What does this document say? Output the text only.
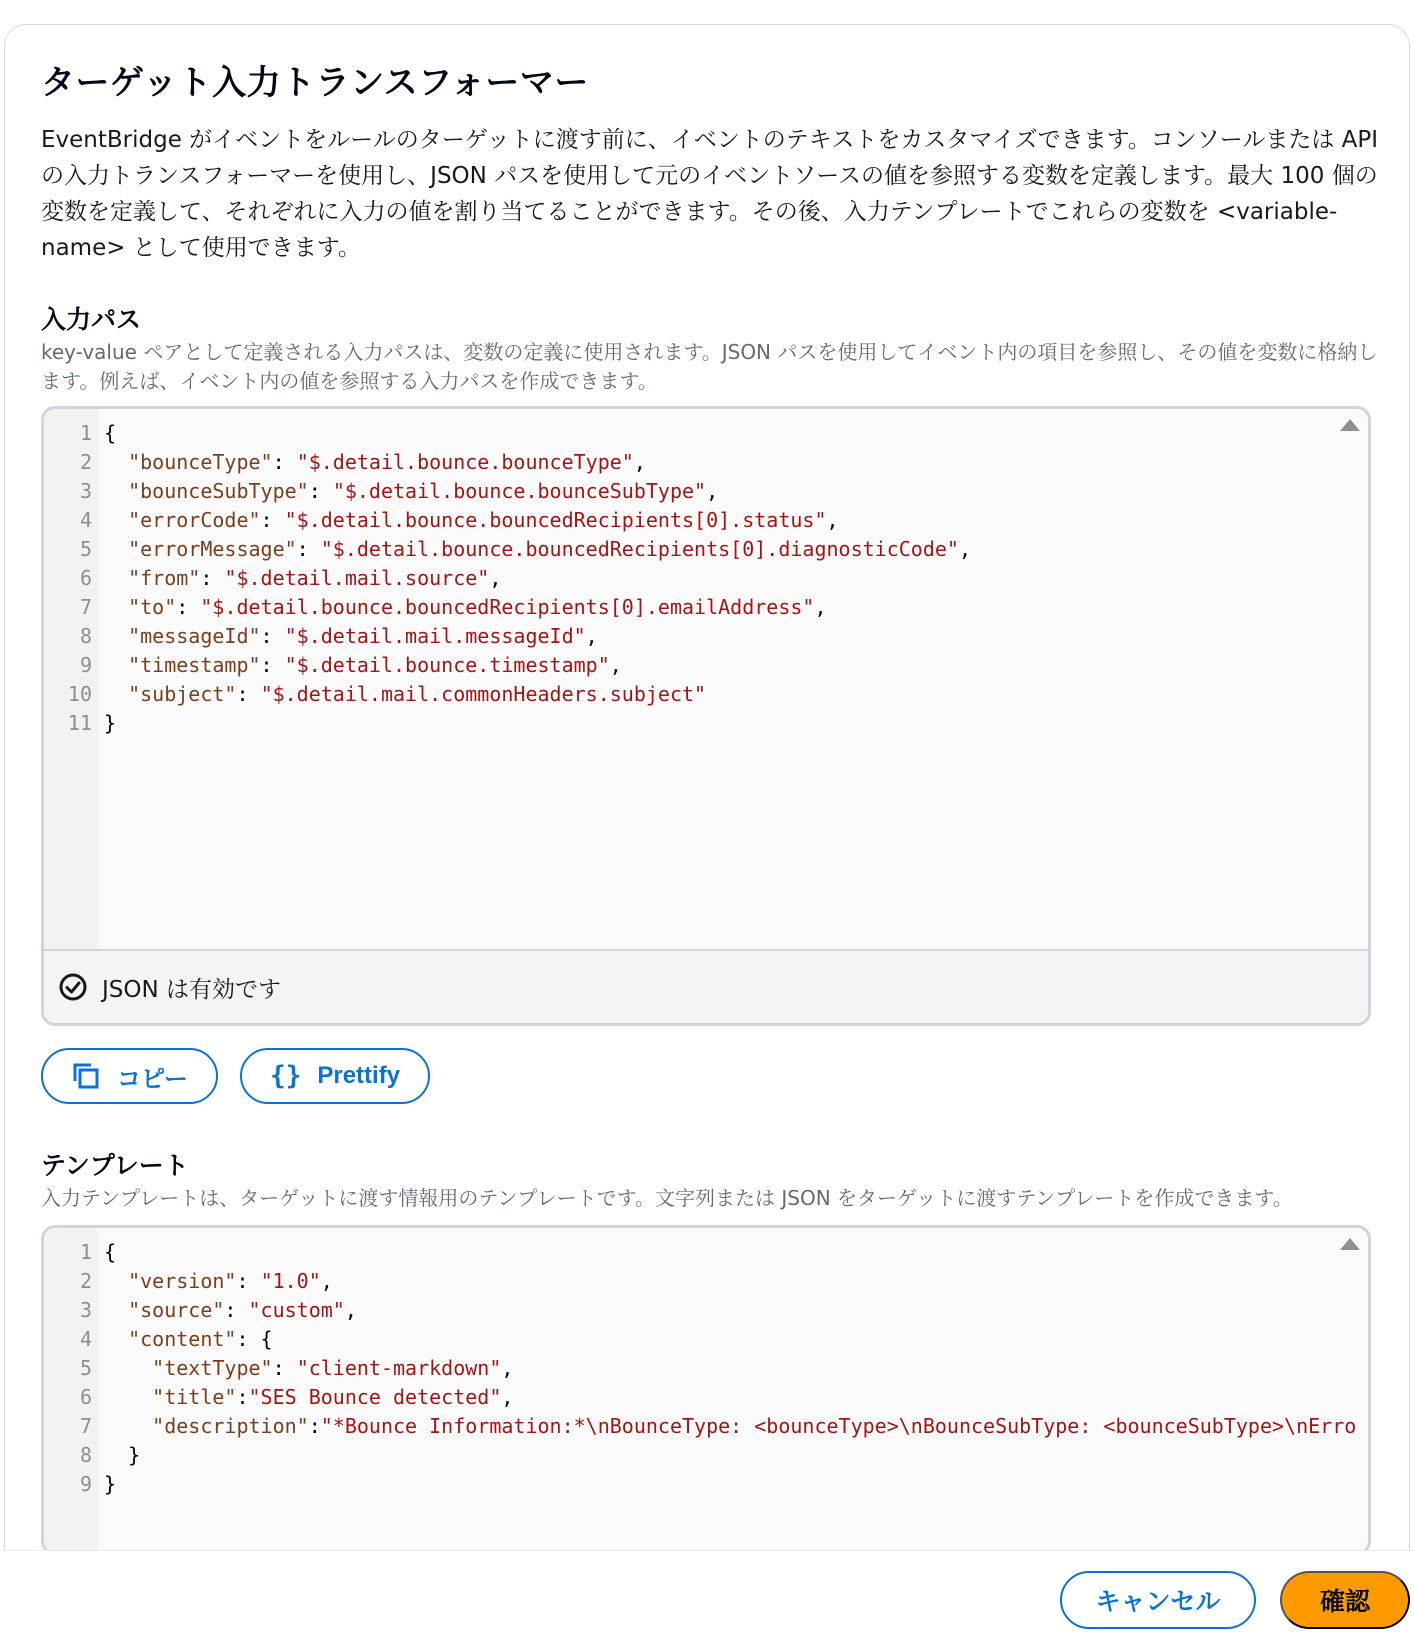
ターゲット入力トランスフォーマー

EventBridge がイベントをルールのターゲットに渡す前に、イベントのテキストをカスタマイズできます。コンソールまたは API の入力トランスフォーマーを使用し、JSON パスを使用して元のイベントソースの値を参照する変数を定義します。最大 100 個の変数を定義して、それぞれに入力の値を割り当てることができます。その後、入力テンプレートでこれらの変数を <variable-name> として使用できます。

入力パス

key-value ペアとして定義される入力パスは、変数の定義に使用されます。JSON パスを使用してイベント内の項目を参照し、その値を変数に格納します。例えば、イベント内の値を参照する入力パスを作成できます。

1
2
3
4
5
6
7
8
9
10
11
{
"bounceType": "$.detail.bounce.bounceType",
"bounceSubType": "$.detail.bounce.bounceSubType",
"errorCode": "$.detail.bounce.bouncedRecipients[0].status",
"errorMessage": "$.detail.bounce.bouncedRecipients[0].diagnosticCode",
"from": "$.detail.mail.source",
"to": "$.detail.bounce.bouncedRecipients[0].emailAddress",
"messageId": "$.detail.mail.messageId",
"timestamp": "$.detail.bounce.timestamp",
"subject": "$.detail.mail.commonHeaders.subject"
}
JSON は有効です
コピー	{} Prettify
テンプレート

入力テンプレートは、ターゲットに渡す情報用のテンプレートです。文字列または JSON をターゲットに渡すテンプレートを作成できます。

1
2
3
4
5
6
7
8
9
{
"version": "1.0",
"source": "custom",
"content": {
"textType": "client-markdown",
"title":"SES Bounce detected",
"description":"*Bounce Information:*\nBounceType: <bounceType>\nBounceSubType: <bounceSubType>\nErro
}
}
キャンセル	確認
